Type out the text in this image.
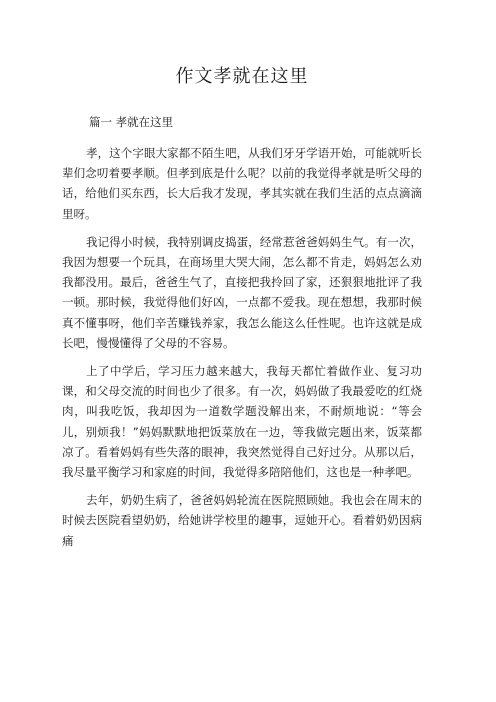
作文孝就在这里

篇一 孝就在这里

孝，这个字眼大家都不陌生吧，从我们牙牙学语开始，可能就听长辈们念叨着要孝顺。但孝到底是什么呢？以前的我觉得孝就是听父母的话，给他们买东西，长大后我才发现，孝其实就在我们生活的点点滴滴里呀。

我记得小时候，我特别调皮捣蛋，经常惹爸爸妈妈生气。有一次，我因为想要一个玩具，在商场里大哭大闹，怎么都不肯走，妈妈怎么劝我都没用。最后，爸爸生气了，直接把我拎回了家，还狠狠地批评了我一顿。那时候，我觉得他们好凶，一点都不爱我。现在想想，我那时候真不懂事呀，他们辛苦赚钱养家，我怎么能这么任性呢。也许这就是成长吧，慢慢懂得了父母的不容易。

上了中学后，学习压力越来越大，我每天都忙着做作业、复习功课，和父母交流的时间也少了很多。有一次，妈妈做了我最爱吃的红烧肉，叫我吃饭，我却因为一道数学题没解出来，不耐烦地说：“等会儿，别烦我！”妈妈默默地把饭菜放在一边，等我做完题出来，饭菜都凉了。看着妈妈有些失落的眼神，我突然觉得自己好过分。从那以后，我尽量平衡学习和家庭的时间，我觉得多陪陪他们，这也是一种孝吧。

去年，奶奶生病了，爸爸妈妈轮流在医院照顾她。我也会在周末的时候去医院看望奶奶，给她讲学校里的趣事，逗她开心。看着奶奶因病痛
